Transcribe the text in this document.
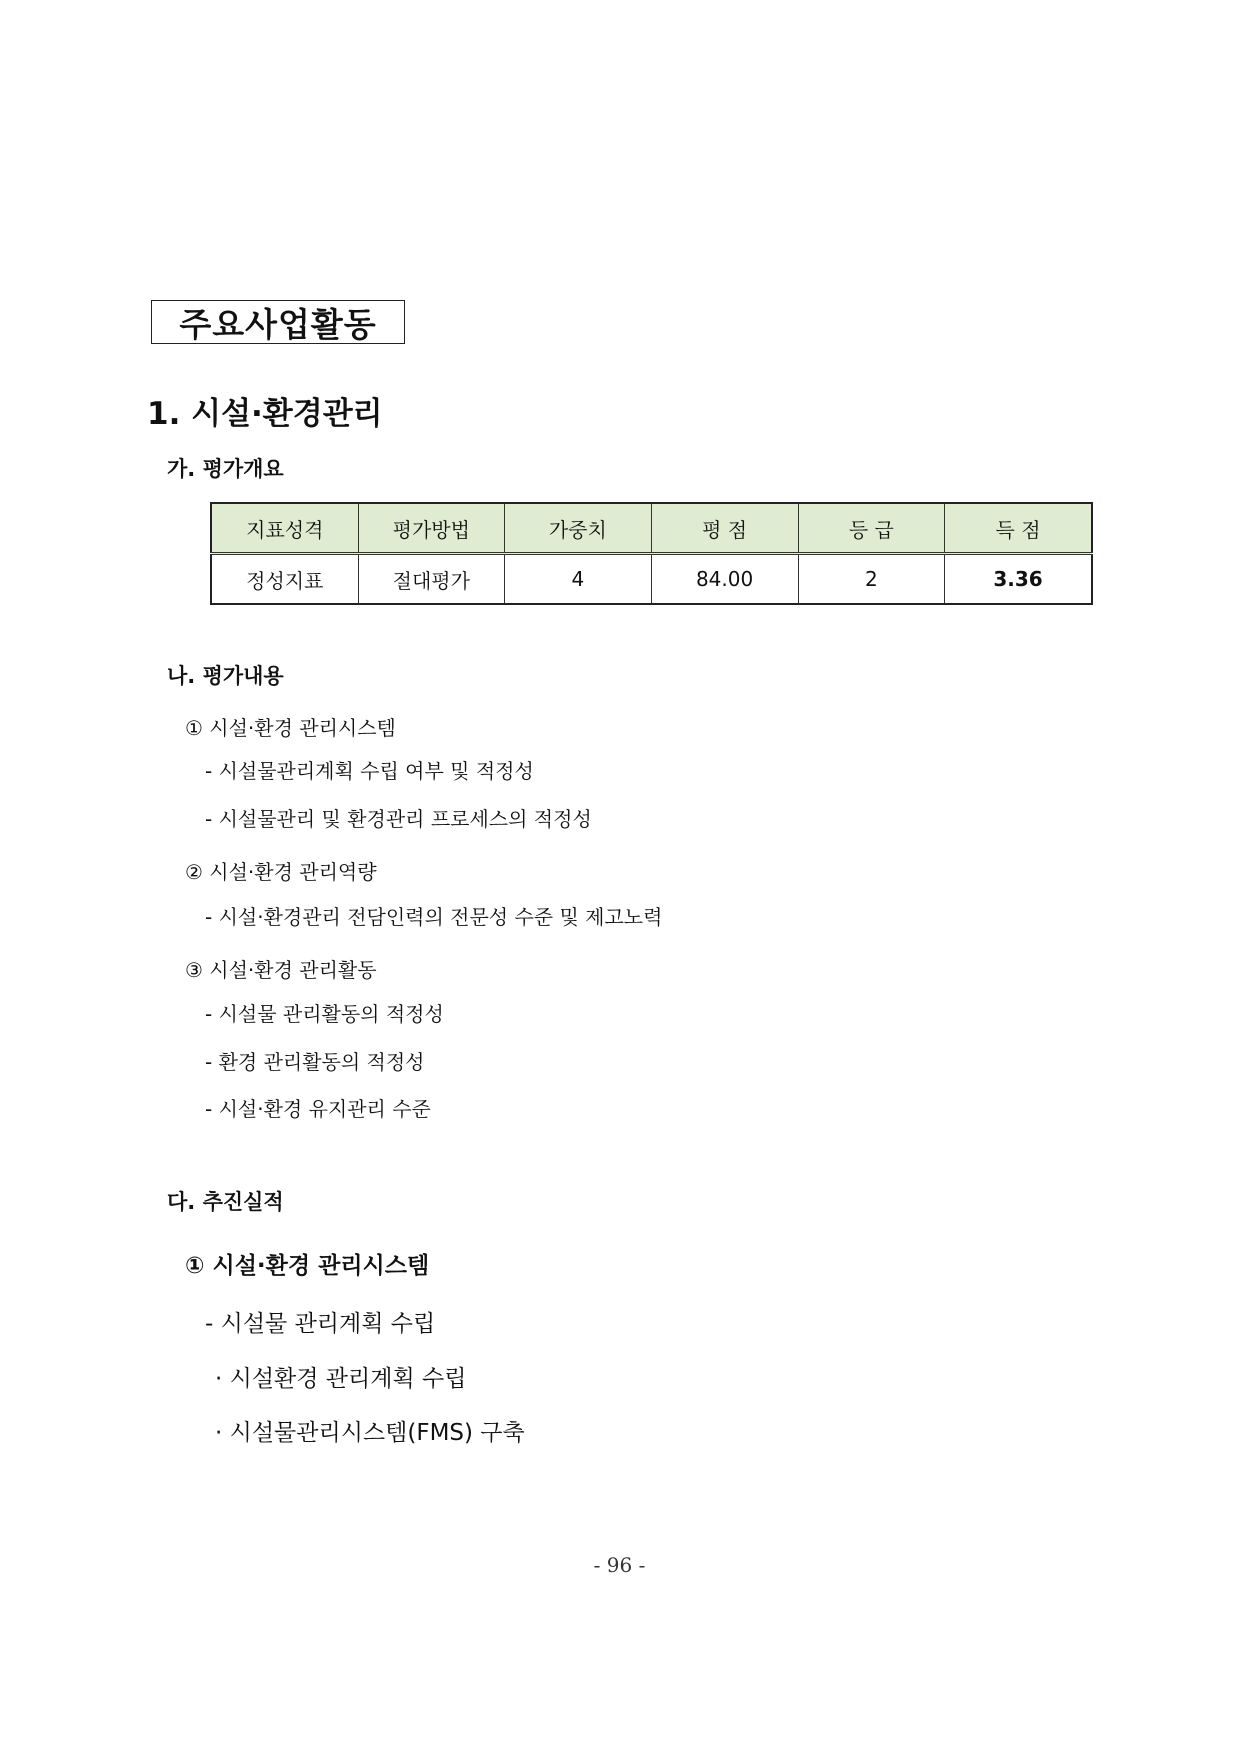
주요사업활동
1. 시설·환경관리
가. 평가개요
지표성격	평가방법	가중치	평 점	등 급	득 점
정성지표	절대평가	4	84.00	2	3.36
나. 평가내용
① 시설·환경 관리시스템
- 시설물관리계획 수립 여부 및 적정성
- 시설물관리 및 환경관리 프로세스의 적정성
② 시설·환경 관리역량
- 시설·환경관리 전담인력의 전문성 수준 및 제고노력
③ 시설·환경 관리활동
- 시설물 관리활동의 적정성
- 환경 관리활동의 적정성
- 시설·환경 유지관리 수준
다. 추진실적
① 시설·환경 관리시스템
- 시설물 관리계획 수립
· 시설환경 관리계획 수립
· 시설물관리시스템(FMS) 구축
- 96 -
